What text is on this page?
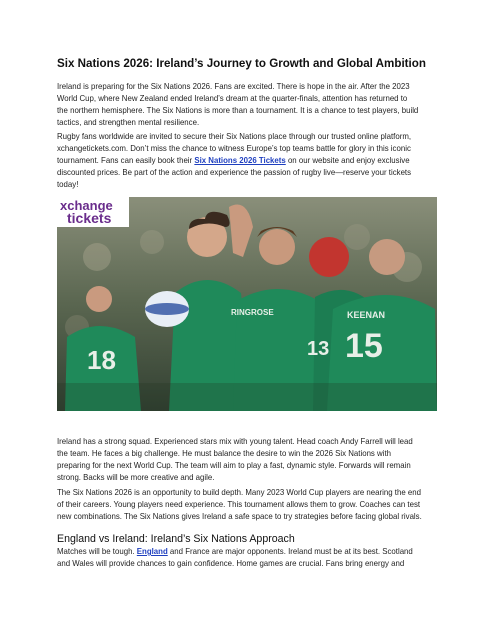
Six Nations 2026: Ireland’s Journey to Growth and Global Ambition

Ireland is preparing for the Six Nations 2026. Fans are excited. There is hope in the air. After the 2023
World Cup, where New Zealand ended Ireland’s dream at the quarter-finals, attention has returned to
the northern hemisphere. The Six Nations is more than a tournament. It is a chance to test players, build
tactics, and strengthen mental resilience.

Rugby fans worldwide are invited to secure their Six Nations place through our trusted online platform,
xchangetickets.com. Don’t miss the chance to witness Europe’s top teams battle for glory in this iconic
tournament. Fans can easily book their Six Nations 2026 Tickets on our website and enjoy exclusive
discounted prices. Be part of the action and experience the passion of rugby live—reserve your tickets
today!

xchange
tickets
RINGROSE	KEENAN
18	15
13

Ireland has a strong squad. Experienced stars mix with young talent. Head coach Andy Farrell will lead
the team. He faces a big challenge. He must balance the desire to win the 2026 Six Nations with
preparing for the next World Cup. The team will aim to play a fast, dynamic style. Forwards will remain
strong. Backs will be more creative and agile.

The Six Nations 2026 is an opportunity to build depth. Many 2023 World Cup players are nearing the end
of their careers. Young players need experience. This tournament allows them to grow. Coaches can test
new combinations. The Six Nations gives Ireland a safe space to try strategies before facing global rivals.

England vs Ireland: Ireland’s Six Nations Approach

Matches will be tough. England and France are major opponents. Ireland must be at its best. Scotland
and Wales will provide chances to gain confidence. Home games are crucial. Fans bring energy and
